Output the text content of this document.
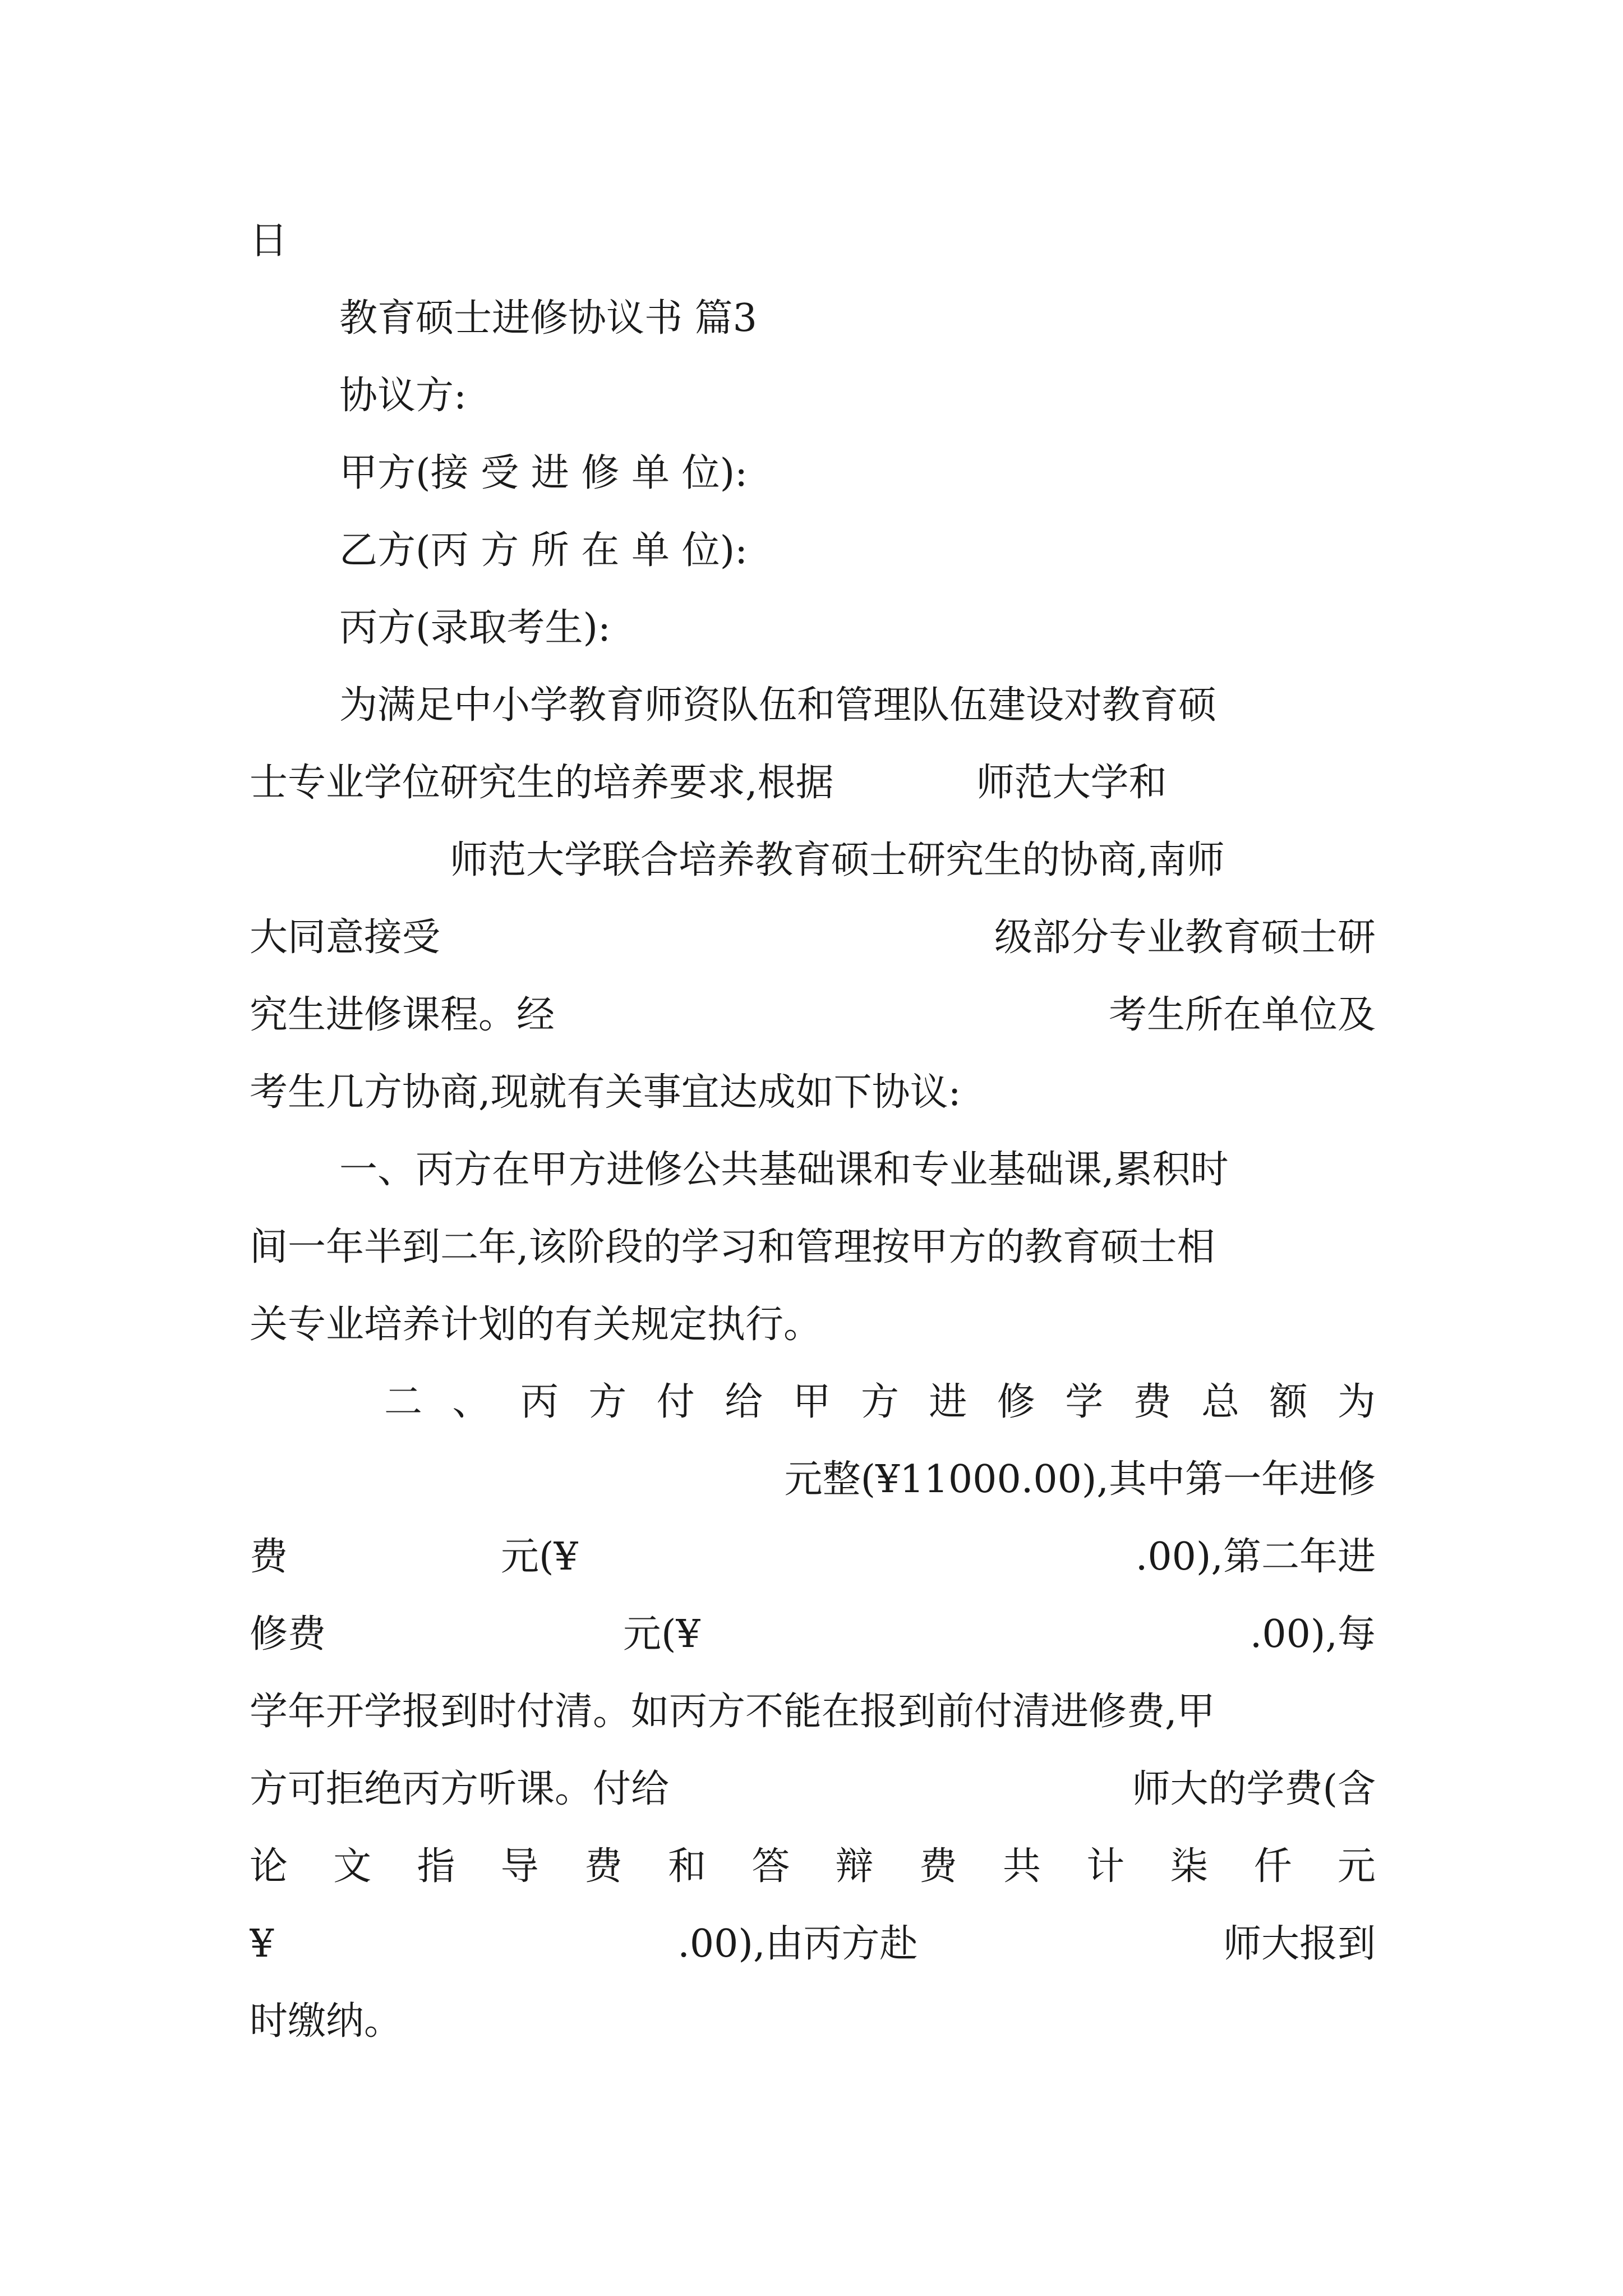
日
教育硕士进修协议书 篇3
协议方:
甲方(接 受 进 修 单 位):
乙方(丙 方 所 在 单 位):
丙方(录取考生):
为满足中小学教育师资队伍和管理队伍建设对教育硕
士专业学位研究生的培养要求,根据	师范大学和
师范大学联合培养教育硕士研究生的协商,南师
大同意接受	级部分专业教育硕士研
究生进修课程。经	考生所在单位及
考生几方协商,现就有关事宜达成如下协议:
一、丙方在甲方进修公共基础课和专业基础课,累积时
间一年半到二年,该阶段的学习和管理按甲方的教育硕士相
关专业培养计划的有关规定执行。
二 、 丙 方 付 给 甲 方 进 修 学 费 总 额 为
元整(¥11000.00),其中第一年进修
费	元(¥	.00),第二年进
修费	元(¥	.00),每
学年开学报到时付清。如丙方不能在报到前付清进修费,甲
方可拒绝丙方听课。付给	师大的学费(含
论 文 指 导 费 和 答 辩 费 共 计 柒 仟 元
¥	.00),由丙方赴	师大报到
时缴纳。
